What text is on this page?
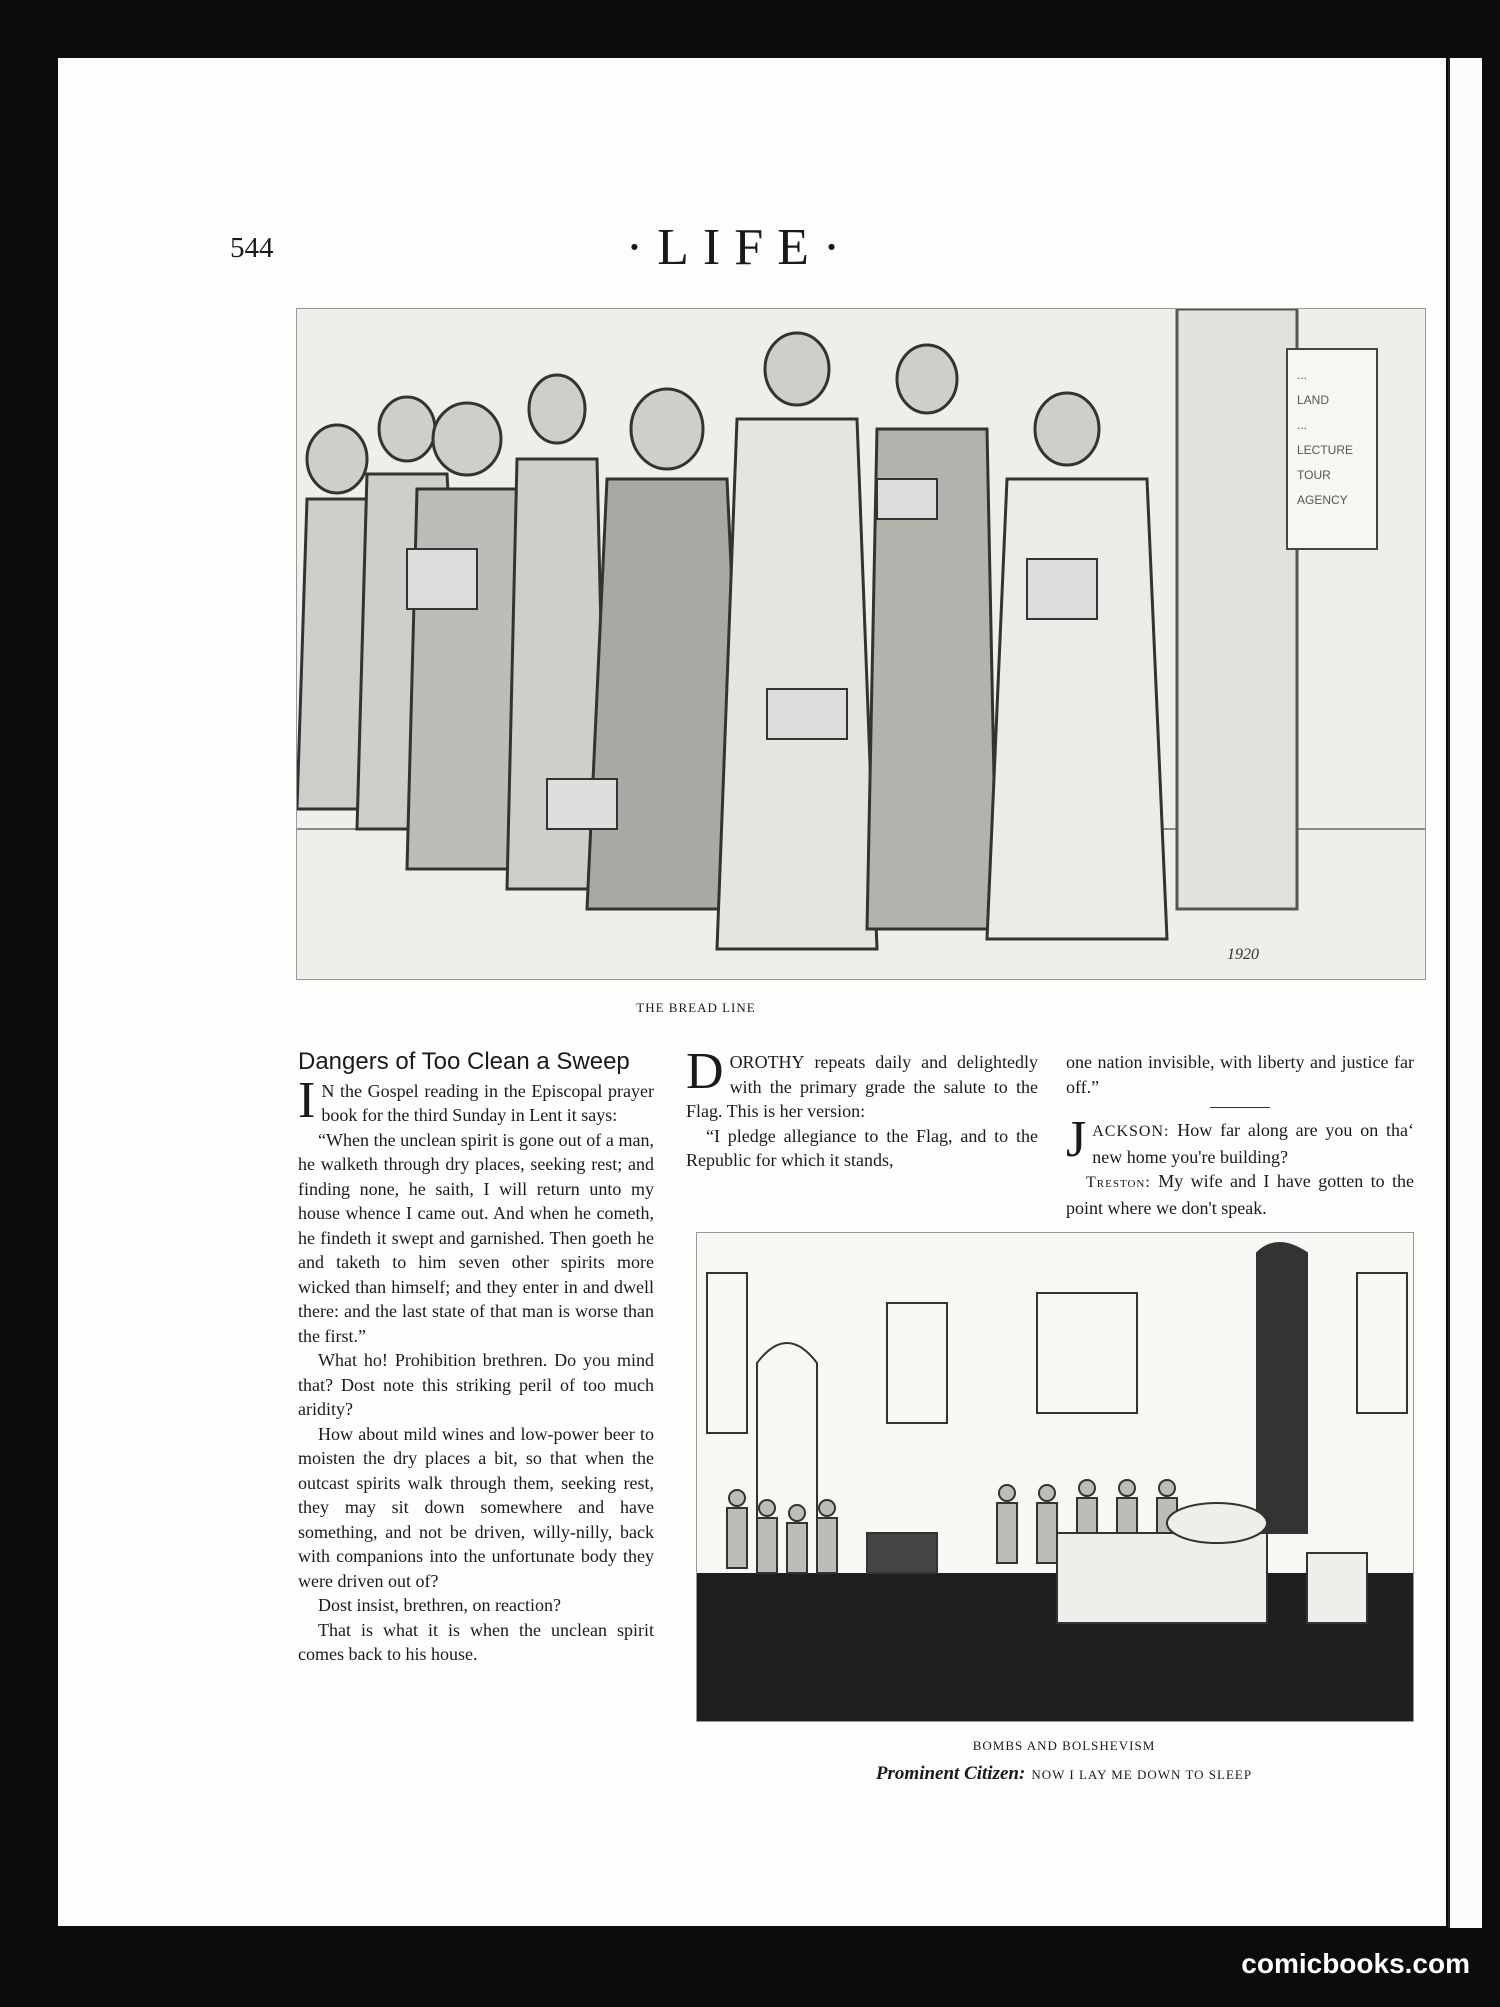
544	·LIFE·
...
LAND
...
LECTURE
TOUR
AGENCY
1920
THE BREAD LINE
Dangers of Too Clean a Sweep

I N the Gospel reading in the Episcopal prayer book for the third Sunday in Lent it says:

“When the unclean spirit is gone out of a man, he walketh through dry places, seeking rest; and finding none, he saith, I will return unto my house whence I came out. And when he cometh, he findeth it swept and garnished. Then goeth he and taketh to him seven other spirits more wicked than himself; and they enter in and dwell there: and the last state of that man is worse than the first.”

What ho! Prohibition brethren. Do you mind that? Dost note this striking peril of too much aridity?

How about mild wines and low-power beer to moisten the dry places a bit, so that when the outcast spirits walk through them, seeking rest, they may sit down somewhere and have something, and not be driven, willy-nilly, back with companions into the unfortunate body they were driven out of?

Dost insist, brethren, on reaction?

That is what it is when the unclean spirit comes back to his house.

DOROTHY repeats daily and delightedly with the primary grade the salute to the Flag. This is her version:

“I pledge allegiance to the Flag, and to the Republic for which it stands,

one nation invisible, with liberty and justice far off.”

JACKSON: How far along are you on tha‘ new home you're building?

Treston: My wife and I have gotten to the point where we don't speak.

BOMBS AND BOLSHEVISM
Prominent Citizen: NOW I LAY ME DOWN TO SLEEP
comicbooks.com
